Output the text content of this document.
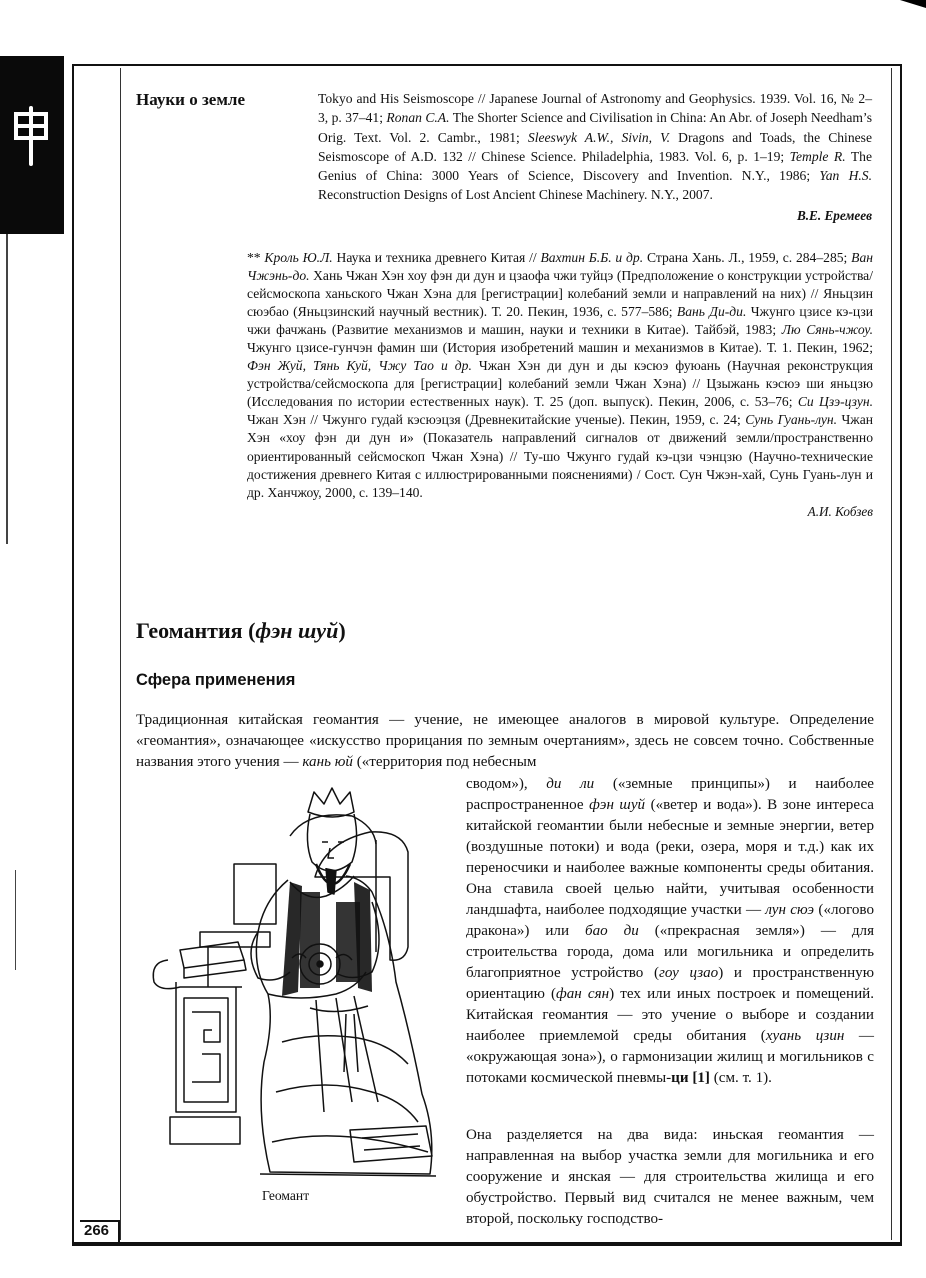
266
Науки о земле	Tokyo and His Seismoscope // Japanese Journal of Astronomy and Geophysics. 1939. Vol. 16, № 2–3, p. 37–41; Ronan C.A. The Shorter Science and Civilisation in China: An Abr. of Joseph Needham’s Orig. Text. Vol. 2. Cambr., 1981; Sleeswyk A.W., Sivin, V. Dragons and Toads, the Chinese Seismoscope of A.D. 132 // Chinese Science. Philadelphia, 1983. Vol. 6, p. 1–19; Temple R. The Genius of China: 3000 Years of Science, Discovery and Invention. N.Y., 1986; Yan H.S. Reconstruction Designs of Lost Ancient Chinese Machinery. N.Y., 2007.
В.Е. Еремеев
** Кроль Ю.Л. Наука и техника древнего Китая // Вахтин Б.Б. и др. Страна Хань. Л., 1959, с. 284–285; Ван Чжэнь-до. Хань Чжан Хэн хоу фэн ди дун и цзаофа чжи туйцэ (Предположение о конструкции устройства/сейсмоскопа ханьского Чжан Хэна для [регистрации] колебаний земли и направлений на них) // Яньцзин сюэбао (Яньцзинский научный вестник). Т. 20. Пекин, 1936, с. 577–586; Вань Ди-ди. Чжунго цзисе кэ-цзи чжи фачжань (Развитие механизмов и машин, науки и техники в Китае). Тайбэй, 1983; Лю Сянь-чжоу. Чжунго цзисе-гунчэн фамин ши (История изобретений машин и механизмов в Китае). Т. 1. Пекин, 1962; Фэн Жуй, Тянь Куй, Чжу Тао и др. Чжан Хэн ди дун и ды кэсюэ фуюань (Научная реконструкция устройства/сейсмоскопа для [регистрации] колебаний земли Чжан Хэна) // Цзыжань кэсюэ ши яньцзю (Исследования по истории естественных наук). Т. 25 (доп. выпуск). Пекин, 2006, с. 53–76; Си Цзэ-цзун. Чжан Хэн // Чжунго гудай кэсюэцзя (Древнекитайские ученые). Пекин, 1959, с. 24; Сунь Гуань-лун. Чжан Хэн «хоу фэн ди дун и» (Показатель направлений сигналов от движений земли/пространственно ориентированный сейсмоскоп Чжан Хэна) // Ту-шо Чжунго гудай кэ-цзи чэнцзю (Научно-технические достижения древнего Китая с иллюстрированными пояснениями) / Сост. Сун Чжэн-хай, Сунь Гуань-лун и др. Ханчжоу, 2000, с. 139–140.
А.И. Кобзев
Геомантия (фэн шуй)
Сфера применения
Традиционная китайская геомантия — учение, не имеющее аналогов в мировой культуре. Определение «геомантия», означающее «искусство прорицания по земным очертаниям», здесь не совсем точно. Собственные названия этого учения — кань юй («территория под небесным
сводом»), ди ли («земные принципы») и наиболее распространенное фэн шуй («ветер и вода»). В зоне интереса китайской геомантии были небесные и земные энергии, ветер (воздушные потоки) и вода (реки, озера, моря и т.д.) как их переносчики и наиболее важные компоненты среды обитания. Она ставила своей целью найти, учитывая особенности ландшафта, наиболее подходящие участки — лун сюэ («логово дракона») или бао ди («прекрасная земля») — для строительства города, дома или могильника и определить благоприятное устройство (гоу цзао) и пространственную ориентацию (фан сян) тех или иных построек и помещений. Китайская геомантия — это учение о выборе и создании наиболее приемлемой среды обитания (хуань цзин — «окружающая зона»), о гармонизации жилищ и могильников с потоками космической пневмы-ци [1] (см. т. 1).
Она разделяется на два вида: иньская геомантия — направленная на выбор участка земли для могильника и его сооружение и янская — для строительства жилища и его обустройство. Первый вид считался не менее важным, чем второй, поскольку господство-
Геомант
